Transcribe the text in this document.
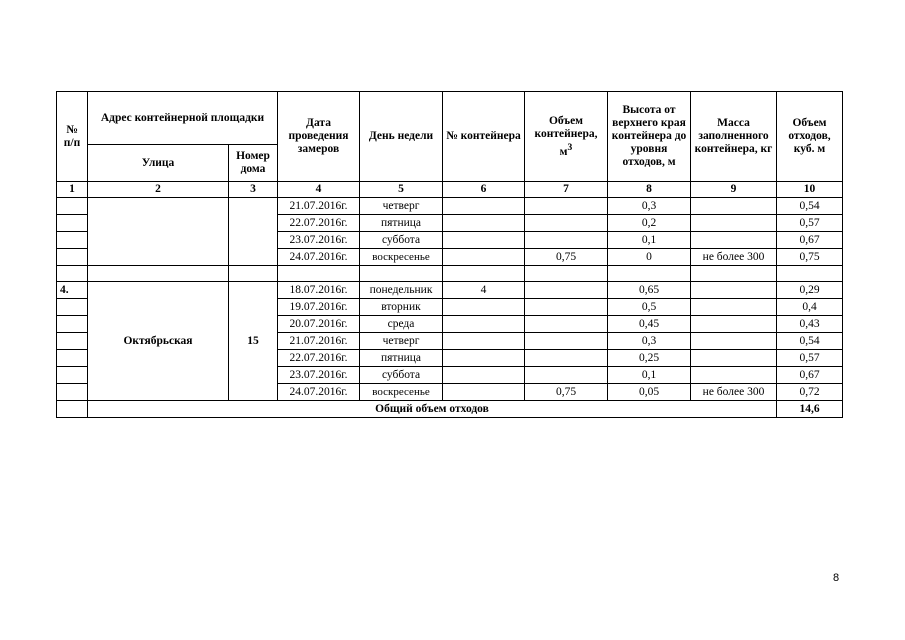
№ п/п	Адрес контейнерной площадки		Дата проведения замеров	День недели	№ контейнера	Объем контейнера, $м^3$	Высота от верхнего края контейнера до уровня отходов, м	Масса заполненного контейнера, кг	Объем отходов, куб. м
	Улица	Номер дома							
1	2	3	4	5	6	7	8	9	10
			21.07.2016г.	четверг			0,3		0,54
			22.07.2016г.	пятница			0,2		0,57
			23.07.2016г.	суббота			0,1		0,67
			24.07.2016г.	воскресенье		0,75	0	не более 300	0,75

4.	Октябрьская	15	18.07.2016г.	понедельник	4		0,65		0,29
			19.07.2016г.	вторник			0,5		0,4
			20.07.2016г.	среда			0,45		0,43
			21.07.2016г.	четверг			0,3		0,54
			22.07.2016г.	пятница			0,25		0,57
			23.07.2016г.	суббота			0,1		0,67
			24.07.2016г.	воскресенье		0,75	0,05	не более 300	0,72
	Общий объем отходов								14,6
8
